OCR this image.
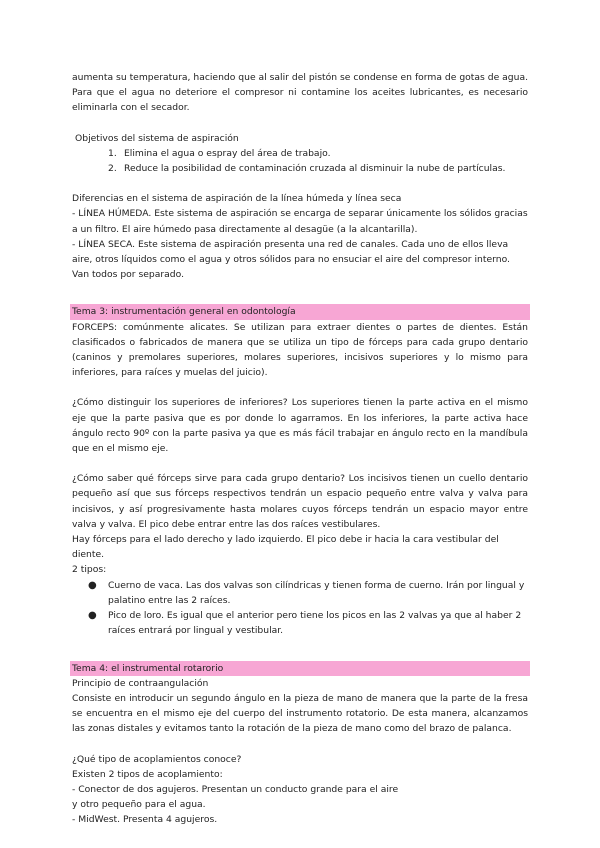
aumenta su temperatura, haciendo que al salir del pistón se condense en forma de gotas de agua. Para que el agua no deteriore el compresor ni contamine los aceites lubricantes, es necesario eliminarla con el secador.

Objetivos del sistema de aspiración

1. Elimina el agua o espray del área de trabajo.
2. Reduce la posibilidad de contaminación cruzada al disminuir la nube de partículas.

Diferencias en el sistema de aspiración de la línea húmeda y línea seca

- LÍNEA HÚMEDA. Este sistema de aspiración se encarga de separar únicamente los sólidos gracias a un filtro. El aire húmedo pasa directamente al desagüe (a la alcantarilla).

- LÍNEA SECA. Este sistema de aspiración presenta una red de canales. Cada uno de ellos lleva aire, otros líquidos como el agua y otros sólidos para no ensuciar el aire del compresor interno. Van todos por separado.

Tema 3: instrumentación general en odontología

FORCEPS: comúnmente alicates. Se utilizan para extraer dientes o partes de dientes. Están clasificados o fabricados de manera que se utiliza un tipo de fórceps para cada grupo dentario (caninos y premolares superiores, molares superiores, incisivos superiores y lo mismo para inferiores, para raíces y muelas del juicio).

¿Cómo distinguir los superiores de inferiores? Los superiores tienen la parte activa en el mismo eje que la parte pasiva que es por donde lo agarramos. En los inferiores, la parte activa hace ángulo recto 90º con la parte pasiva ya que es más fácil trabajar en ángulo recto en la mandíbula que en el mismo eje.

¿Cómo saber qué fórceps sirve para cada grupo dentario? Los incisivos tienen un cuello dentario pequeño así que sus fórceps respectivos tendrán un espacio pequeño entre valva y valva para incisivos, y así progresivamente hasta molares cuyos fórceps tendrán un espacio mayor entre valva y valva. El pico debe entrar entre las dos raíces vestibulares.

Hay fórceps para el lado derecho y lado izquierdo. El pico debe ir hacia la cara vestibular del diente.

2 tipos:

●	Cuerno de vaca. Las dos valvas son cilíndricas y tienen forma de cuerno. Irán por lingual y palatino entre las 2 raíces.
●	Pico de loro. Es igual que el anterior pero tiene los picos en las 2 valvas ya que al haber 2 raíces entrará por lingual y vestibular.

Tema 4: el instrumental rotarorio

Principio de contraangulación

Consiste en introducir un segundo ángulo en la pieza de mano de manera que la parte de la fresa se encuentra en el mismo eje del cuerpo del instrumento rotatorio. De esta manera, alcanzamos las zonas distales y evitamos tanto la rotación de la pieza de mano como del brazo de palanca.

¿Qué tipo de acoplamientos conoce?

Existen 2 tipos de acoplamiento:

- Conector de dos agujeros. Presentan un conducto grande para el aire

y otro pequeño para el agua.

- MidWest. Presenta 4 agujeros.
